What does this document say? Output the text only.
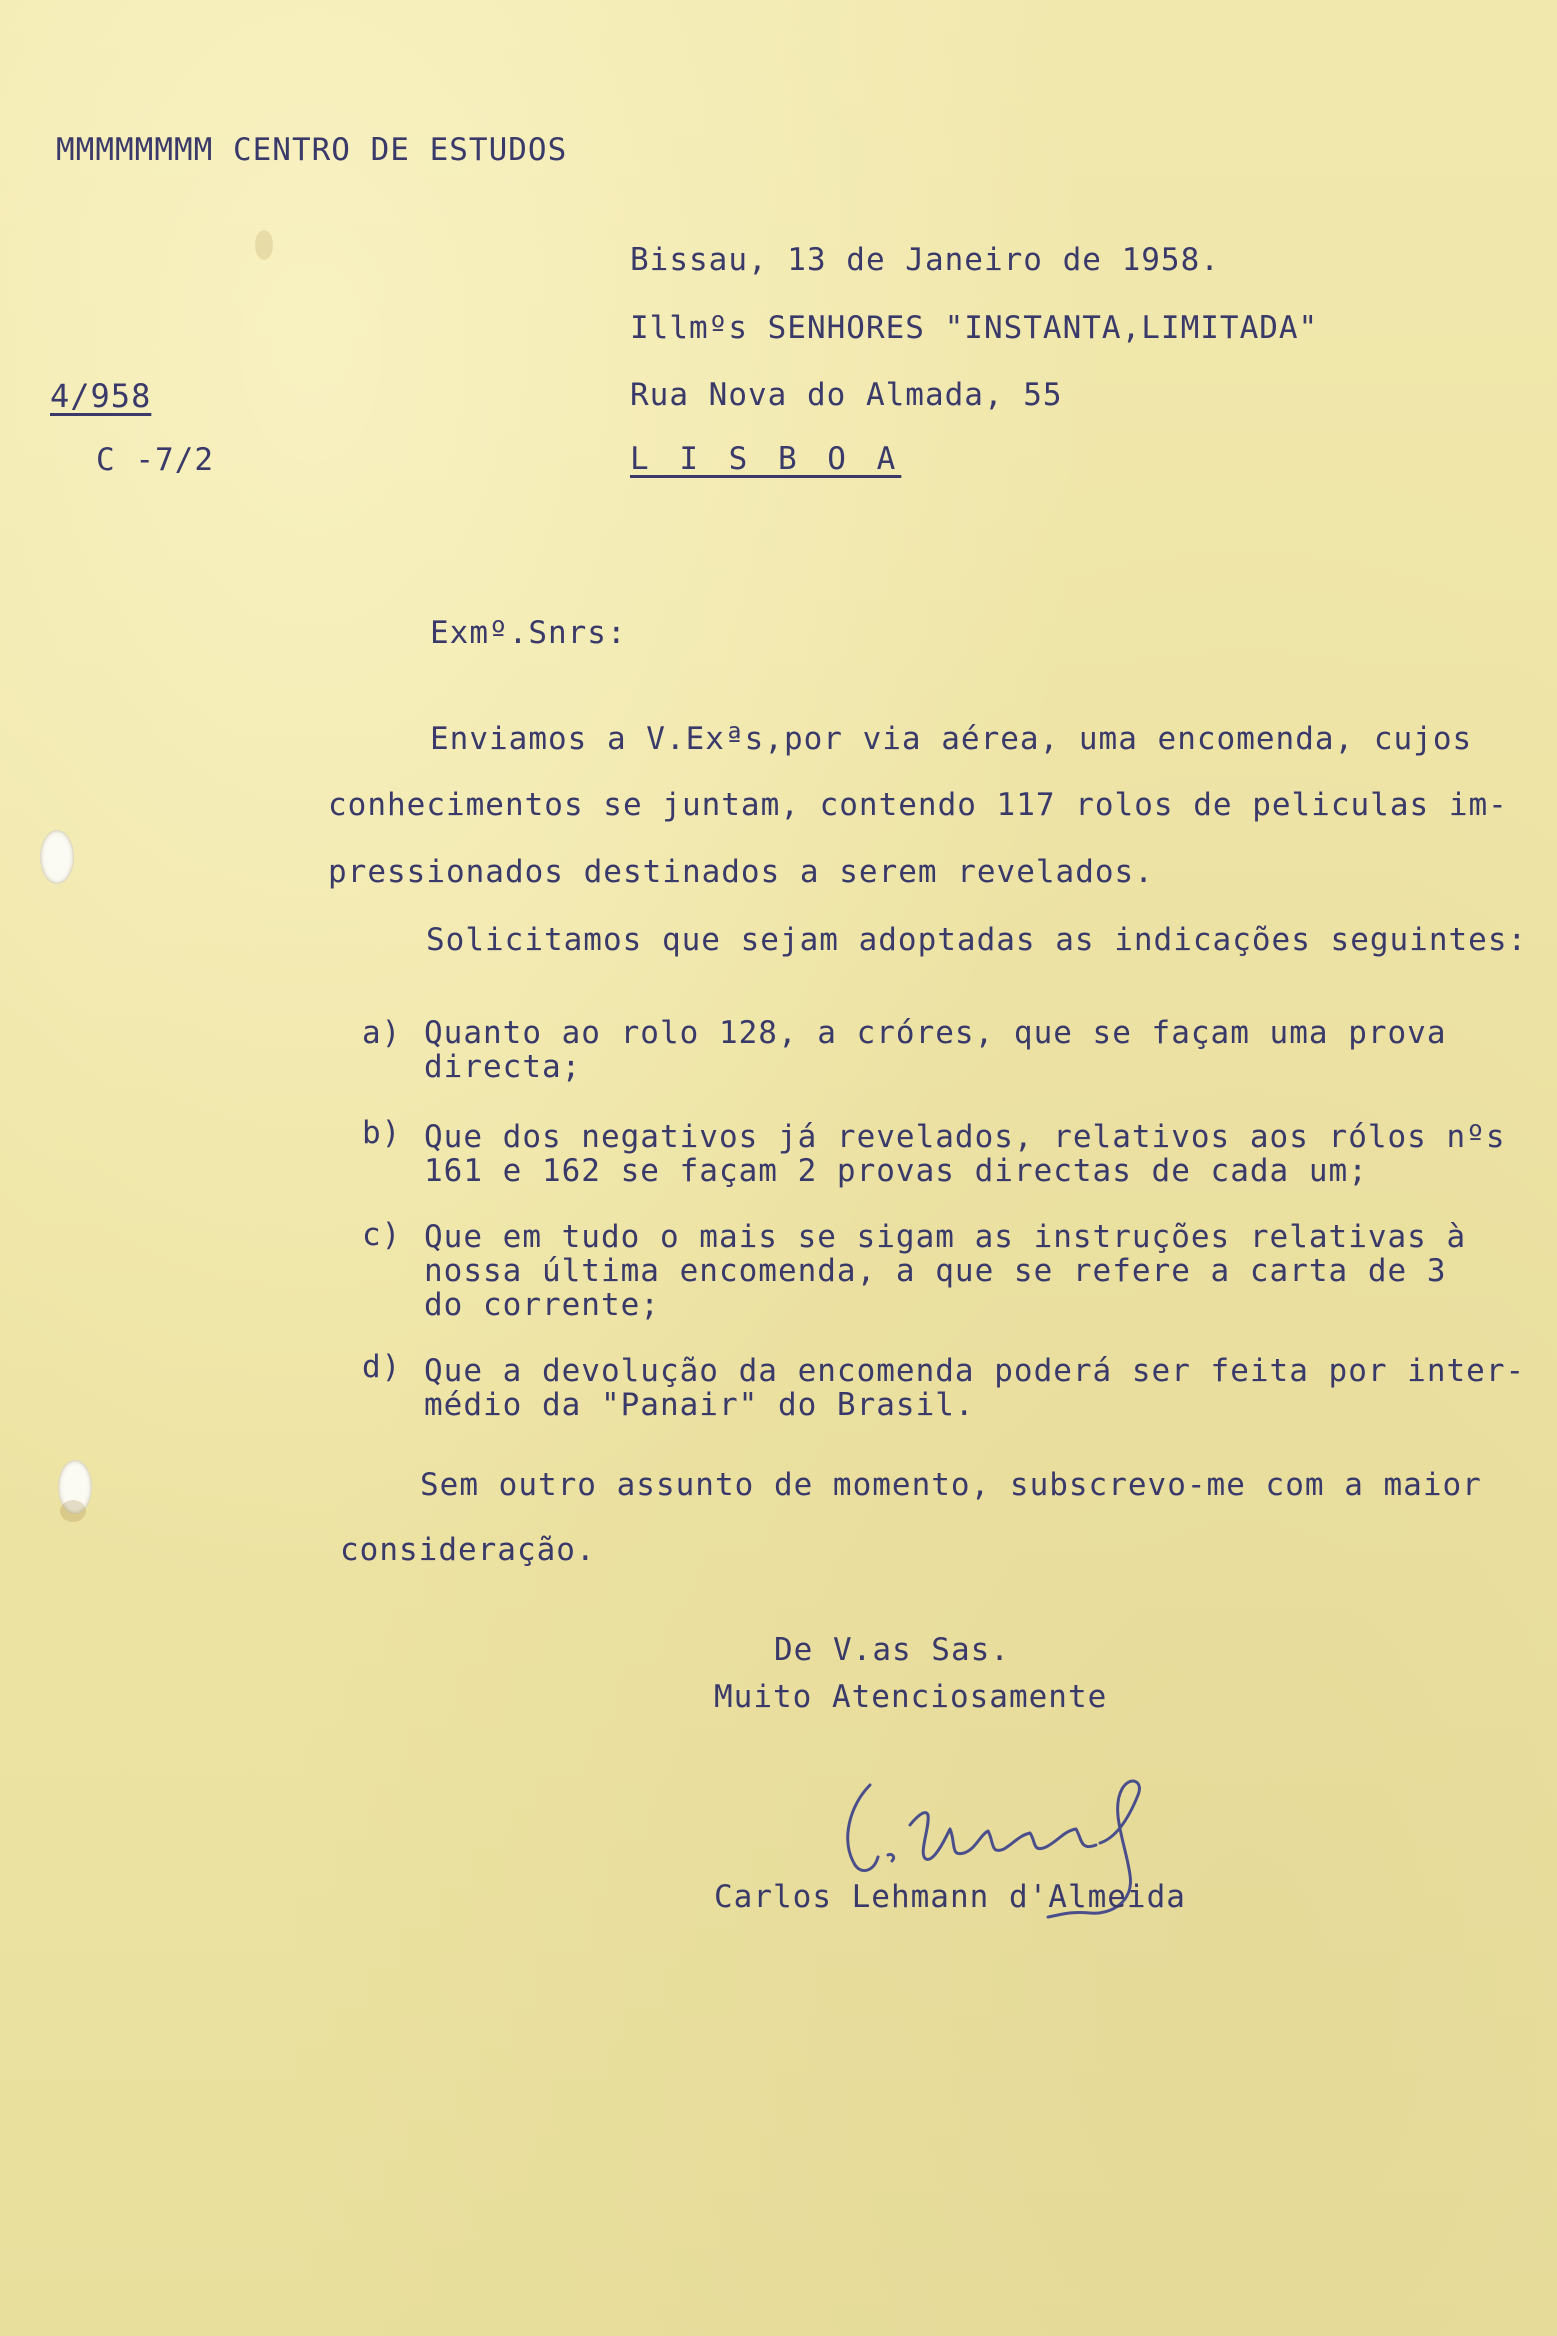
MMMMMMMM CENTRO DE ESTUDOS
4/958
C -7/2
Bissau, 13 de Janeiro de 1958.
Illmºs SENHORES "INSTANTA,LIMITADA"
Rua Nova do Almada, 55
L I S B O A
Exmº.Snrs:
Enviamos a V.Exªs,por via aérea, uma encomenda, cujos
conhecimentos se juntam, contendo 117 rolos de peliculas im-
pressionados destinados a serem revelados.
Solicitamos que sejam adoptadas as indicações seguintes:
a) Quanto ao rolo 128, a cróres, que se façam uma prova
directa;
b) Que dos negativos já revelados, relativos aos rólos nºs
161 e 162 se façam 2 provas directas de cada um;
c) Que em tudo o mais se sigam as instruções relativas à
nossa última encomenda, a que se refere a carta de 3
do corrente;
d) Que a devolução da encomenda poderá ser feita por inter-
médio da "Panair" do Brasil.
Sem outro assunto de momento, subscrevo-me com a maior
consideração.
De V.as Sas.
Muito Atenciosamente
Carlos Lehmann d'Almeida
